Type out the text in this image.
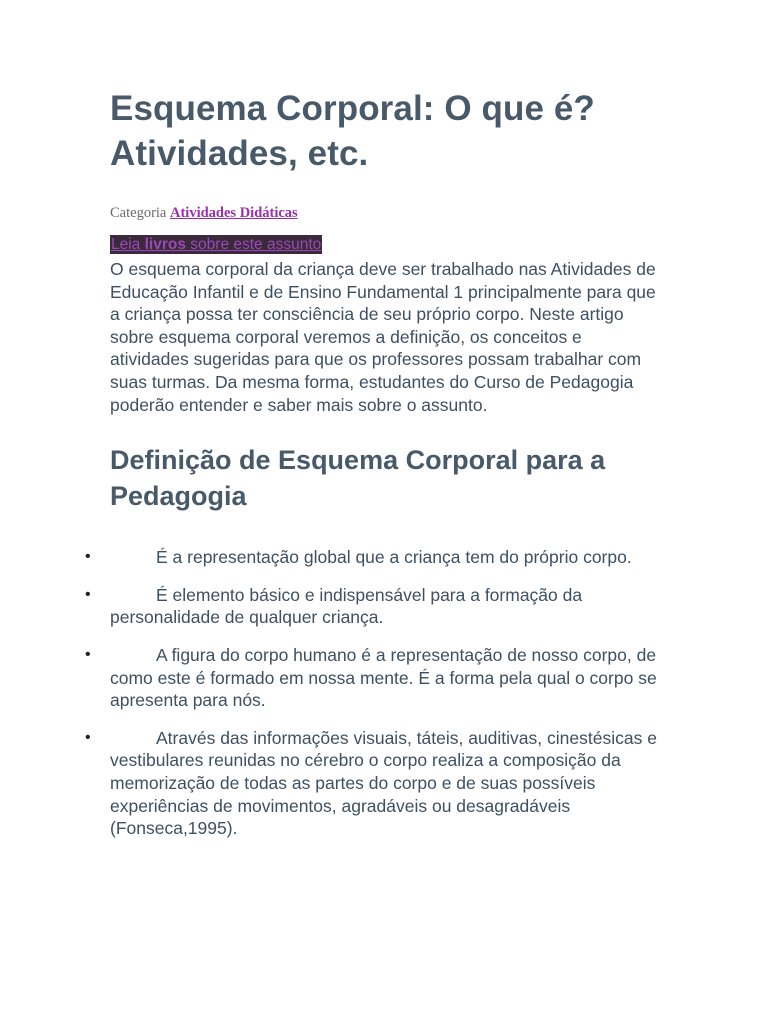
Esquema Corporal: O que é? Atividades, etc.
Categoria Atividades Didáticas
Leia livros sobre este assunto

O esquema corporal da criança deve ser trabalhado nas Atividades de Educação Infantil e de Ensino Fundamental 1 principalmente para que a criança possa ter consciência de seu próprio corpo. Neste artigo sobre esquema corporal veremos a definição, os conceitos e atividades sugeridas para que os professores possam trabalhar com suas turmas. Da mesma forma, estudantes do Curso de Pedagogia poderão entender e saber mais sobre o assunto.

Definição de Esquema Corporal para a Pedagogia
•	É a representação global que a criança tem do próprio corpo.
•	É elemento básico e indispensável para a formação da personalidade de qualquer criança.
•	A figura do corpo humano é a representação de nosso corpo, de como este é formado em nossa mente. É a forma pela qual o corpo se apresenta para nós.
•	Através das informações visuais, táteis, auditivas, cinestésicas e vestibulares reunidas no cérebro o corpo realiza a composição da memorização de todas as partes do corpo e de suas possíveis experiências de movimentos, agradáveis ou desagradáveis (Fonseca,1995).
